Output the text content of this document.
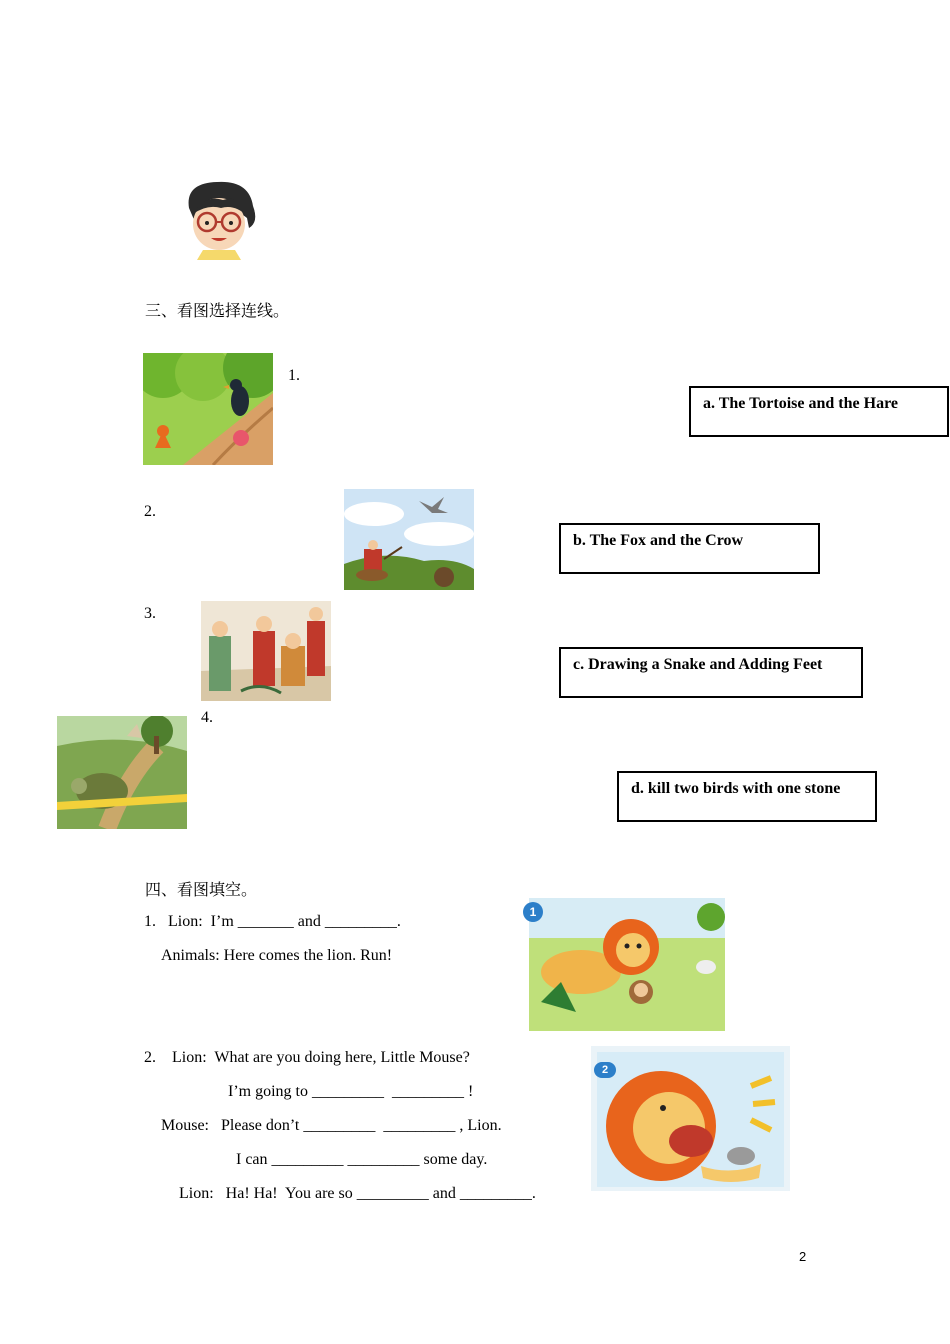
三、看图选择连线。
1.
a. The Tortoise and the Hare
2.
b. The Fox and the Crow
3.
c. Drawing a Snake and Adding Feet
4.
d. kill two birds with one stone
四、看图填空。
1.   Lion:  I’m _______ and _________.
Animals: Here comes the lion. Run!
1
2.    Lion:  What are you doing here, Little Mouse?
I’m going to _________  _________ !
Mouse:   Please don’t _________  _________ , Lion.
I can _________ _________ some day.
Lion:   Ha! Ha!  You are so _________ and _________.
2
2
